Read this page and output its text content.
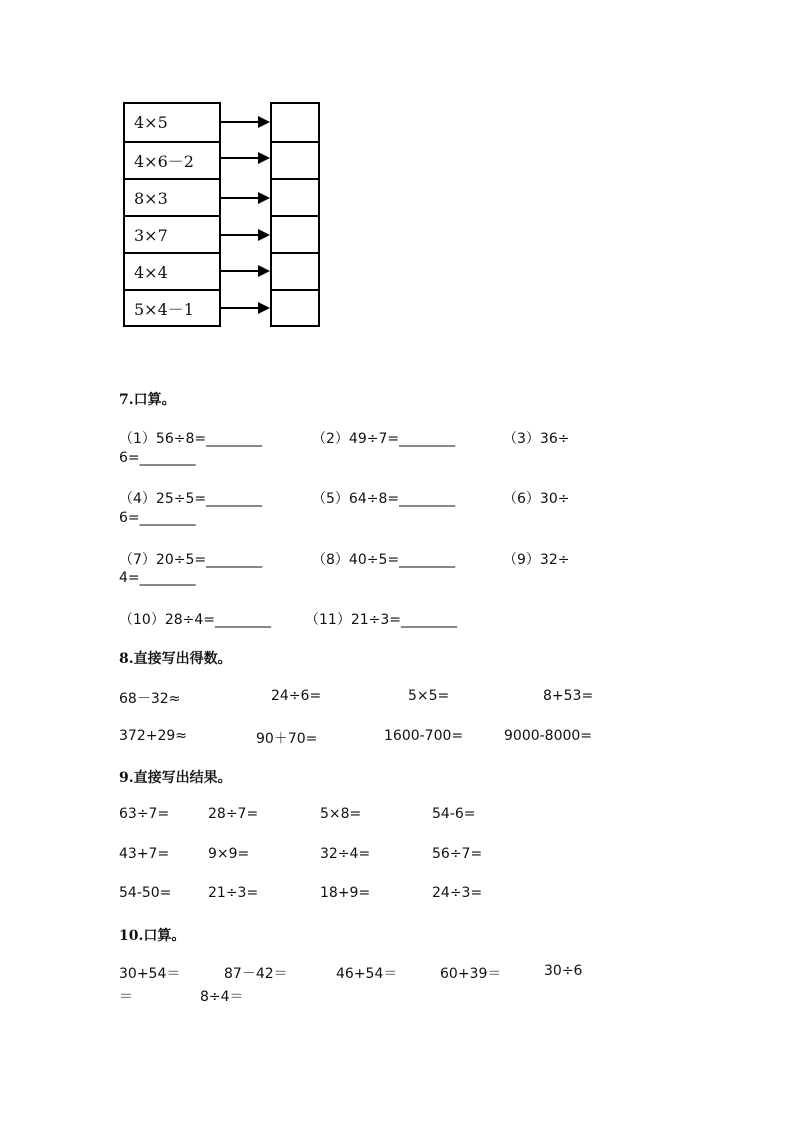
4×5
4×6－2
8×3
3×7
4×4
5×4－1
7.口算。
（1）56÷8=________	（2）49÷7=________	（3）36÷
6=________
（4）25÷5=________	（5）64÷8=________	（6）30÷
6=________
（7）20÷5=________	（8）40÷5=________	（9）32÷
4=________
（10）28÷4=________ （11）21÷3=________
8.直接写出得数。
68－32≈	24÷6=	5×5=	8+53=
372+29≈	90＋70=	1600-700=	9000-8000=
9.直接写出结果。
63÷7=	28÷7=	5×8=	54-6=
43+7=	9×9=	32÷4=	56÷7=
54-50=	21÷3=	18+9=	24÷3=
10.口算。
30+54＝	87－42＝	46+54＝	60+39＝	30÷6
＝	8÷4＝
